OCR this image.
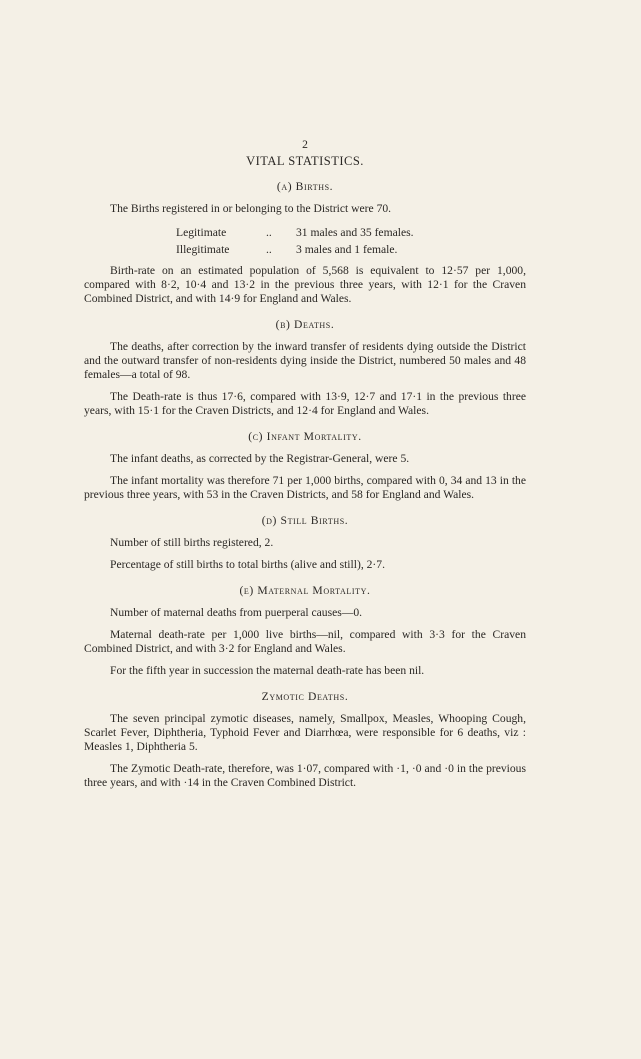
2
VITAL STATISTICS.
(a) Births.

The Births registered in or belonging to the District were 70.

Legitimate	..	31 males and 35 females.
Illegitimate	..	3 males and 1 female.

Birth-rate on an estimated population of 5,568 is equivalent to 12·57 per 1,000, compared with 8·2, 10·4 and 13·2 in the previous three years, with 12·1 for the Craven Combined District, and with 14·9 for England and Wales.

(b) Deaths.

The deaths, after correction by the inward transfer of residents dying outside the District and the outward transfer of non-residents dying inside the District, numbered 50 males and 48 females—a total of 98.

The Death-rate is thus 17·6, compared with 13·9, 12·7 and 17·1 in the previous three years, with 15·1 for the Craven Districts, and 12·4 for England and Wales.

(c) Infant Mortality.

The infant deaths, as corrected by the Registrar-General, were 5.

The infant mortality was therefore 71 per 1,000 births, compared with 0, 34 and 13 in the previous three years, with 53 in the Craven Districts, and 58 for England and Wales.

(d) Still Births.

Number of still births registered, 2.

Percentage of still births to total births (alive and still), 2·7.

(e) Maternal Mortality.

Number of maternal deaths from puerperal causes—0.

Maternal death-rate per 1,000 live births—nil, compared with 3·3 for the Craven Combined District, and with 3·2 for England and Wales.

For the fifth year in succession the maternal death-rate has been nil.

Zymotic Deaths.

The seven principal zymotic diseases, namely, Smallpox, Measles, Whooping Cough, Scarlet Fever, Diphtheria, Typhoid Fever and Diarrhœa, were responsible for 6 deaths, viz : Measles 1, Diphtheria 5.

The Zymotic Death-rate, therefore, was 1·07, compared with ·1, ·0 and ·0 in the previous three years, and with ·14 in the Craven Combined District.
